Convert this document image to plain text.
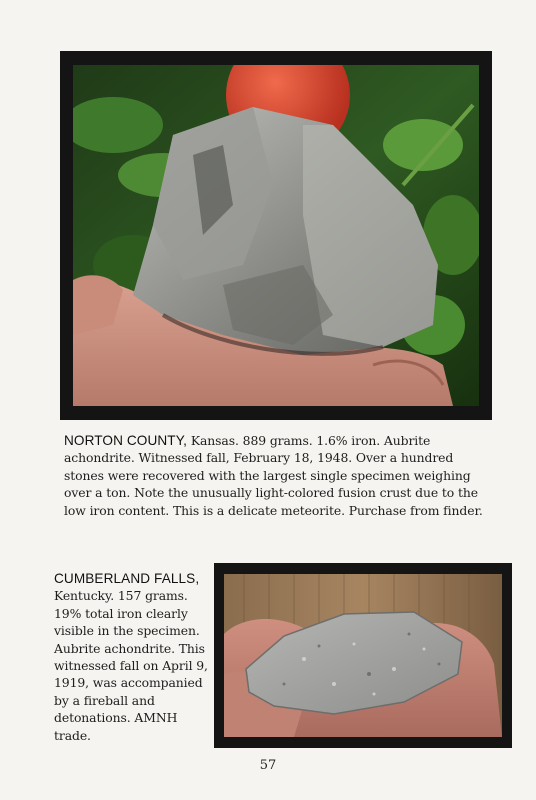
NORTON COUNTY, Kansas. 889 grams. 1.6% iron. Aubrite achondrite. Witnessed fall, February 18, 1948. Over a hundred stones were recovered with the largest single specimen weighing over a ton. Note the unusually light-colored fusion crust due to the low iron content. This is a delicate meteorite. Purchase from finder.
CUMBERLAND FALLS,
Kentucky. 157 grams. 19% total iron clearly visible in the specimen. Aubrite achondrite. This witnessed fall on April 9, 1919, was accompanied by a fireball and detonations. AMNH trade.
57
